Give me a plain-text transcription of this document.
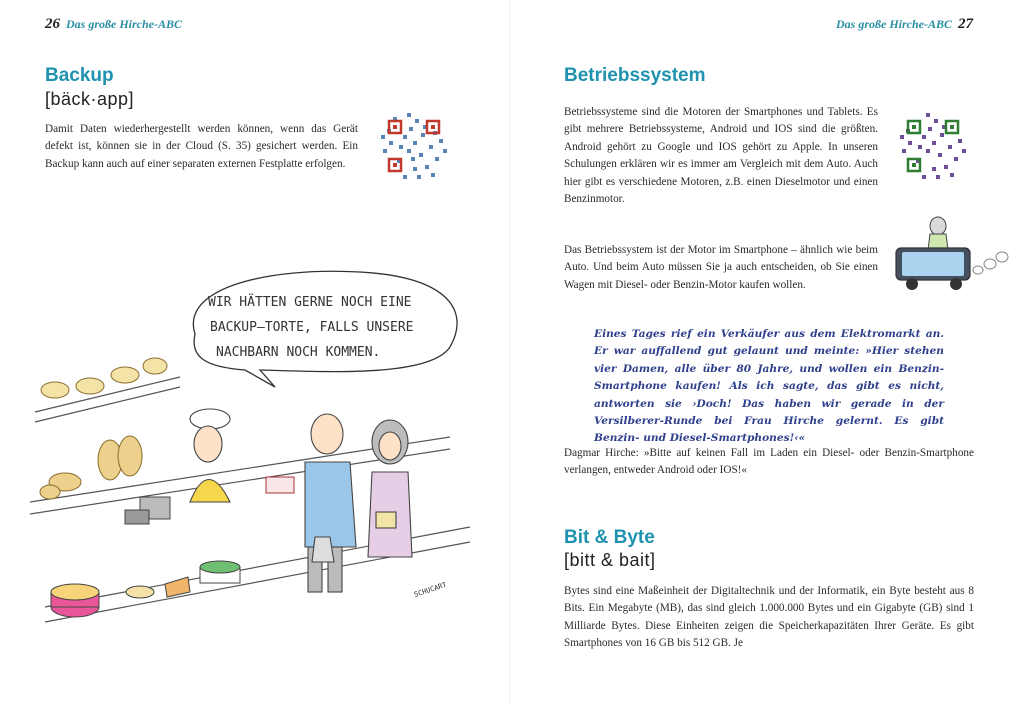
26 Das große Hirche-ABC
Backup
[bäck·app]
Damit Daten wiederhergestellt werden können, wenn das Gerät defekt ist, können sie in der Cloud (S. 35) gesichert werden. Ein Backup kann auch auf einer separaten externen Festplatte erfolgen.
WIR HÄTTEN GERNE NOCH EINE
BACKUP–TORTE, FALLS UNSERE
NACHBARN NOCH KOMMEN.
SCHUCART
Das große Hirche-ABC 27
Betriebssystem
Betriebssysteme sind die Motoren der Smartphones und Tablets. Es gibt mehrere Betriebssysteme, Android und IOS sind die größten. Android gehört zu Google und IOS gehört zu Apple. In unseren Schulungen erklären wir es immer am Vergleich mit dem Auto. Auch hier gibt es verschiedene Motoren, z.B. einen Dieselmotor und einen Benzinmotor.
Das Betriebssystem ist der Motor im Smartphone – ähnlich wie beim Auto. Und beim Auto müssen Sie ja auch entscheiden, ob Sie einen Wagen mit Diesel- oder Benzin-Motor kaufen wollen.
Eines Tages rief ein Verkäufer aus dem Elektromarkt an. Er war auffallend gut gelaunt und meinte: »Hier stehen vier Damen, alle über 80 Jahre, und wollen ein Benzin-Smartphone kaufen! Als ich sagte, das gibt es nicht, antworten sie ›Doch! Das haben wir gerade in der Versilberer-Runde bei Frau Hirche gelernt. Es gibt Benzin- und Diesel-Smartphones!‹«
Dagmar Hirche: »Bitte auf keinen Fall im Laden ein Diesel- oder Benzin-Smartphone verlangen, entweder Android oder IOS!«
Bit & Byte
[bitt & bait]
Bytes sind eine Maßeinheit der Digitaltechnik und der Informatik, ein Byte besteht aus 8 Bits. Ein Megabyte (MB), das sind gleich 1.000.000 Bytes und ein Gigabyte (GB) sind 1 Milliarde Bytes. Diese Einheiten zeigen die Speicherkapazitäten Ihrer Geräte. Es gibt Smartphones von 16 GB bis 512 GB. Je
